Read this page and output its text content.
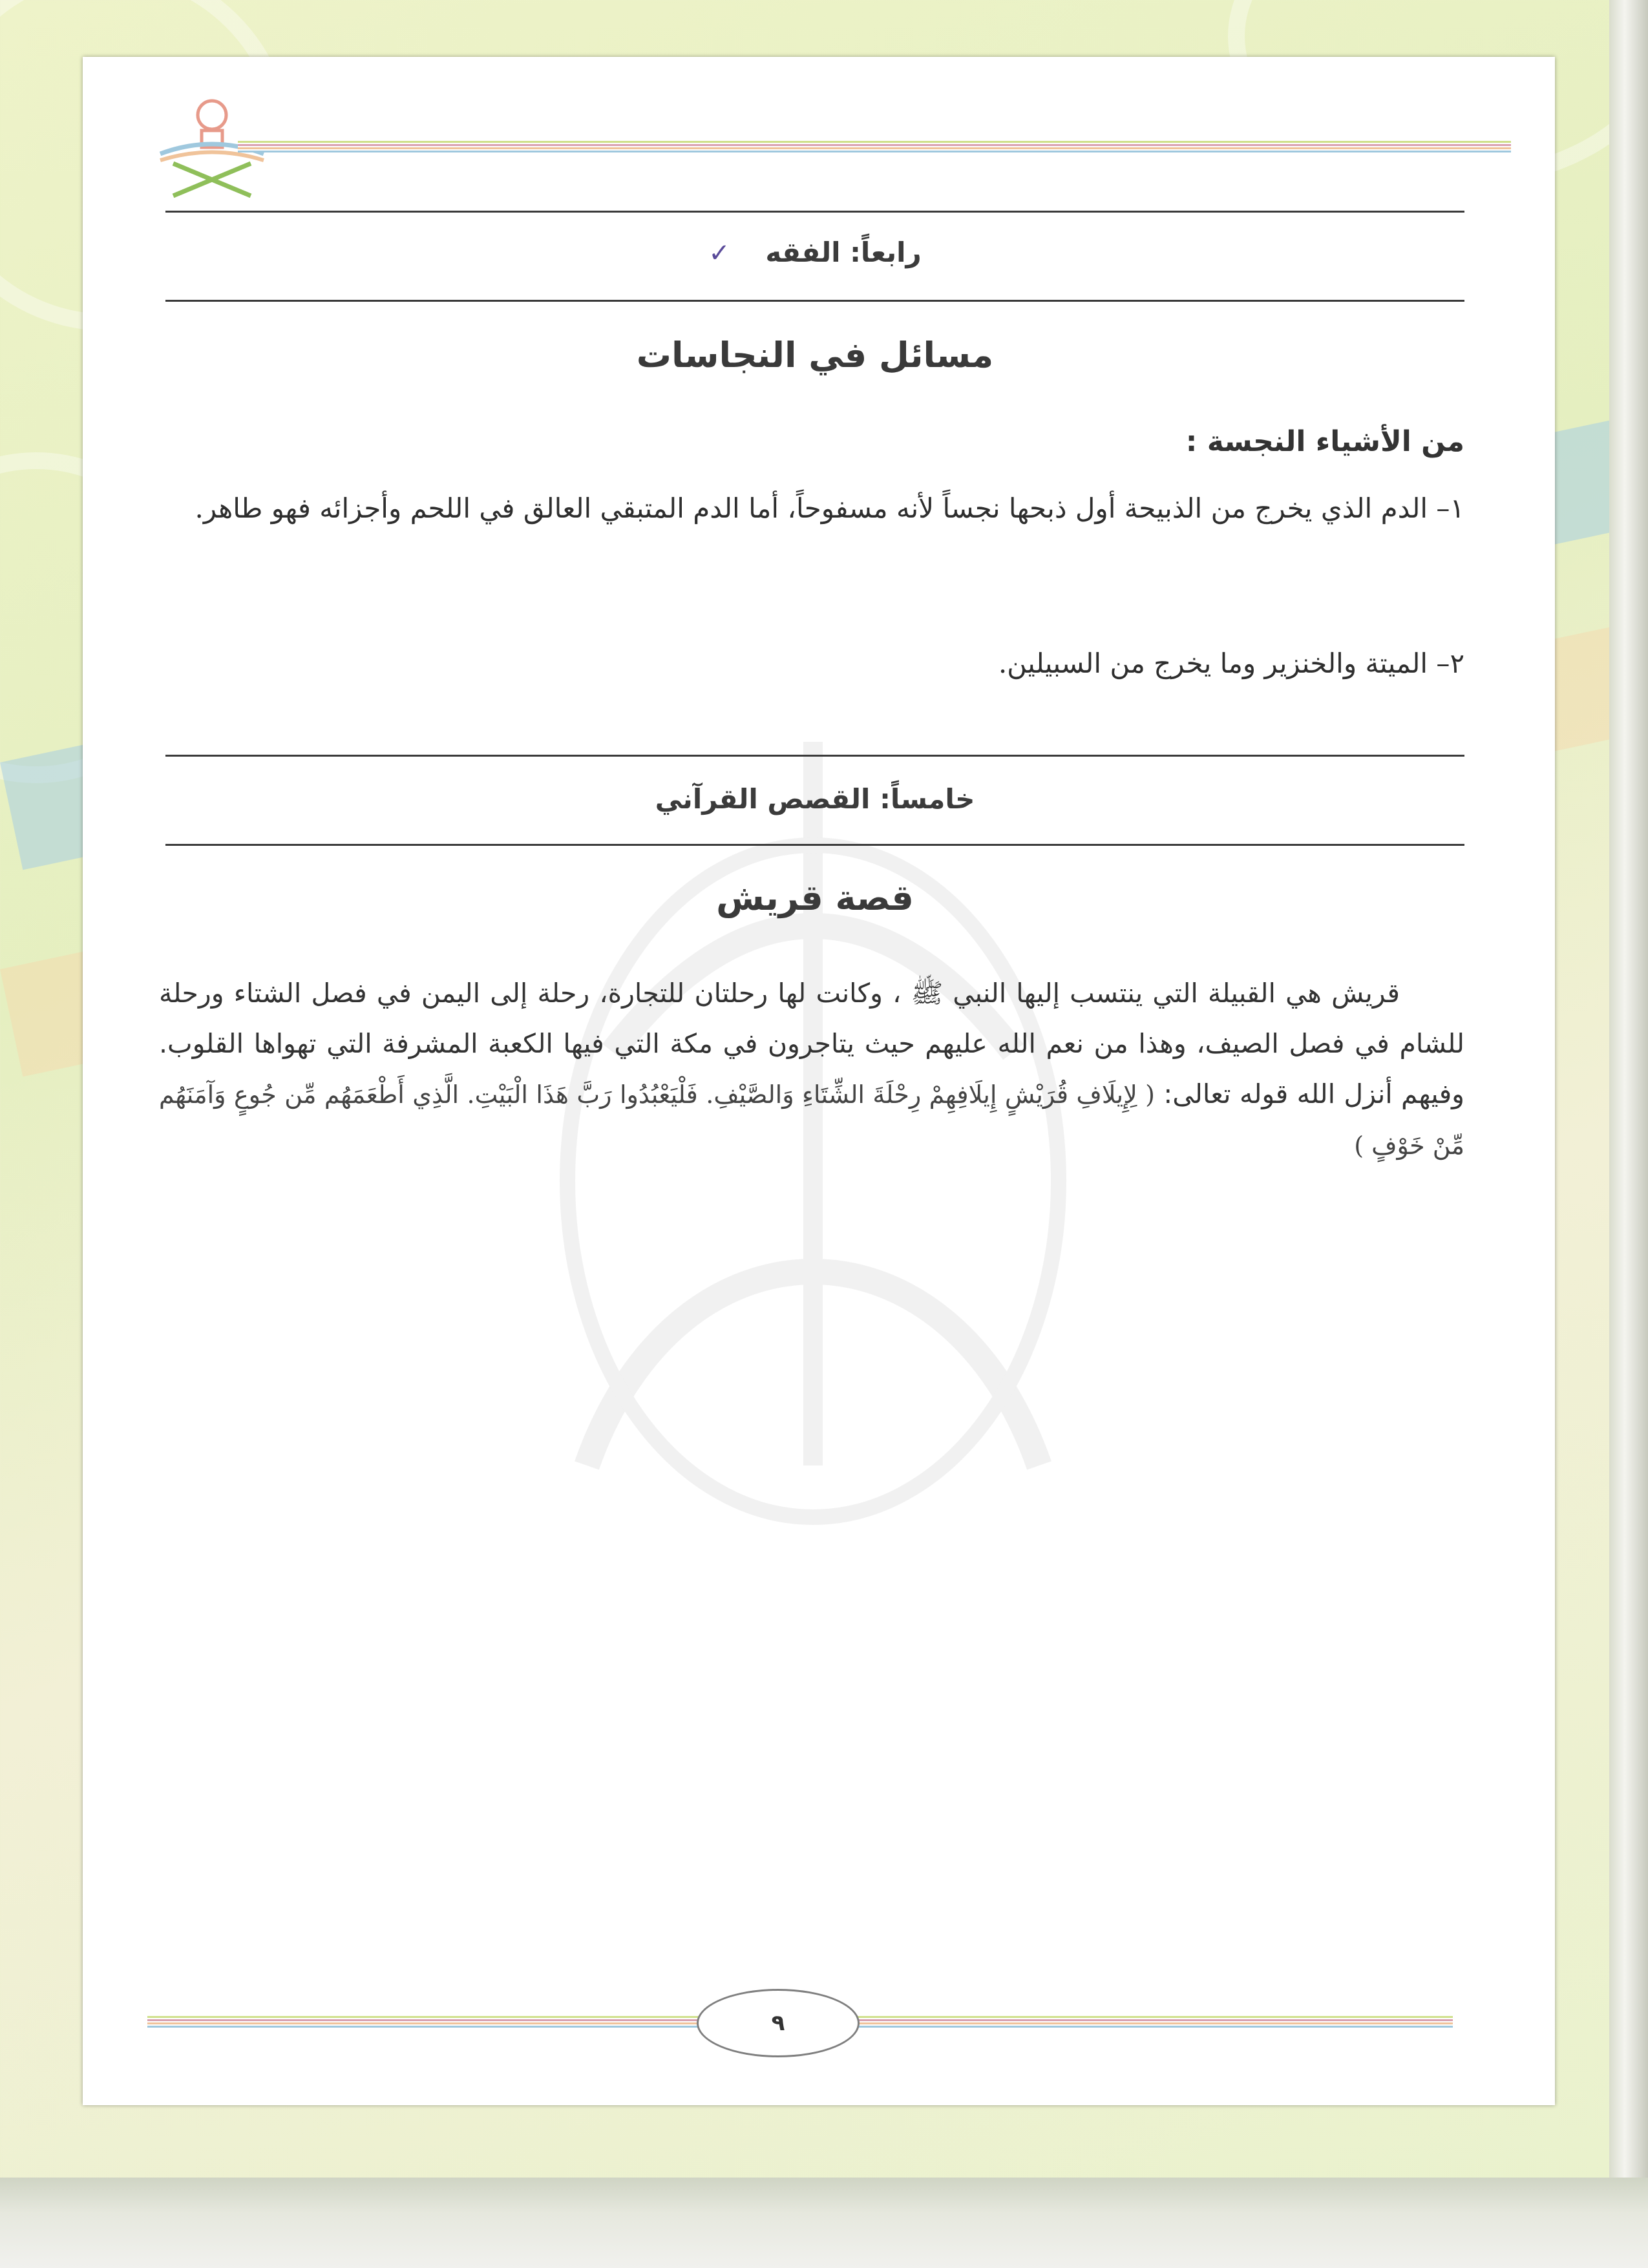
رابعاً: الفقه ✓
مسائل في النجاسات
من الأشياء النجسة :
١– الدم الذي يخرج من الذبيحة أول ذبحها نجساً لأنه مسفوحاً، أما الدم المتبقي العالق في اللحم وأجزائه فهو طاهر.
٢– الميتة والخنزير وما يخرج من السبيلين.
خامساً: القصص القرآني
قصة قريش
قريش هي القبيلة التي ينتسب إليها النبي ﷺ ، وكانت لها رحلتان للتجارة، رحلة إلى اليمن في فصل الشتاء ورحلة للشام في فصل الصيف، وهذا من نعم الله عليهم حيث يتاجرون في مكة التي فيها الكعبة المشرفة التي تهواها القلوب. وفيهم أنزل الله قوله تعالى: ( لِإِيلَافِ قُرَيْشٍ إِيلَافِهِمْ رِحْلَةَ الشِّتَاءِ وَالصَّيْفِ. فَلْيَعْبُدُوا رَبَّ هَذَا الْبَيْتِ. الَّذِي أَطْعَمَهُم مِّن جُوعٍ وَآمَنَهُم مِّنْ خَوْفٍ )
٩
